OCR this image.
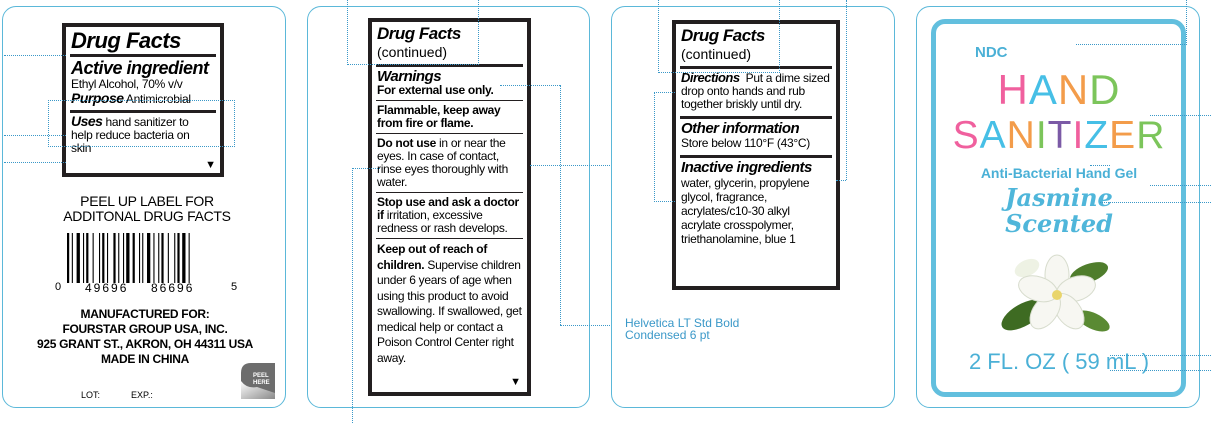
Drug Facts
Active ingredient
Ethyl Alcohol, 70% v/v
Purpose Antimicrobial
Uses hand sanitizer to help reduce bacteria on skin
▼
PEEL UP LABEL FOR
ADDITONAL DRUG FACTS
0 49696 86696	5
MANUFACTURED FOR:
FOURSTAR GROUP USA, INC.
925 GRANT ST., AKRON, OH 44311 USA
MADE IN CHINA
LOT:	EXP.:
PEEL
HERE
Drug Facts (continued)
Warnings
For external use only.
Flammable, keep away from fire or flame.
Do not use in or near the eyes. In case of contact, rinse eyes thoroughly with water.
Stop use and ask a doctor if irritation, excessive redness or rash develops.
Keep out of reach of children. Supervise children under 6 years of age when using this product to avoid swallowing. If swallowed, get medical help or contact a Poison Control Center right away.
▼
Drug Facts (continued)
Directions Put a dime sized drop onto hands and rub together briskly until dry.
Other information
Store below 110°F (43°C)
Inactive ingredients
water, glycerin, propylene glycol, fragrance, acrylates/c10-30 alkyl acrylate crosspolymer, triethanolamine, blue 1
Helvetica LT Std Bold
Condensed 6 pt
NDC
HAND
SANITIZER
Anti-Bacterial Hand Gel
Jasmine
Scented
2 FL. OZ ( 59 mL )
